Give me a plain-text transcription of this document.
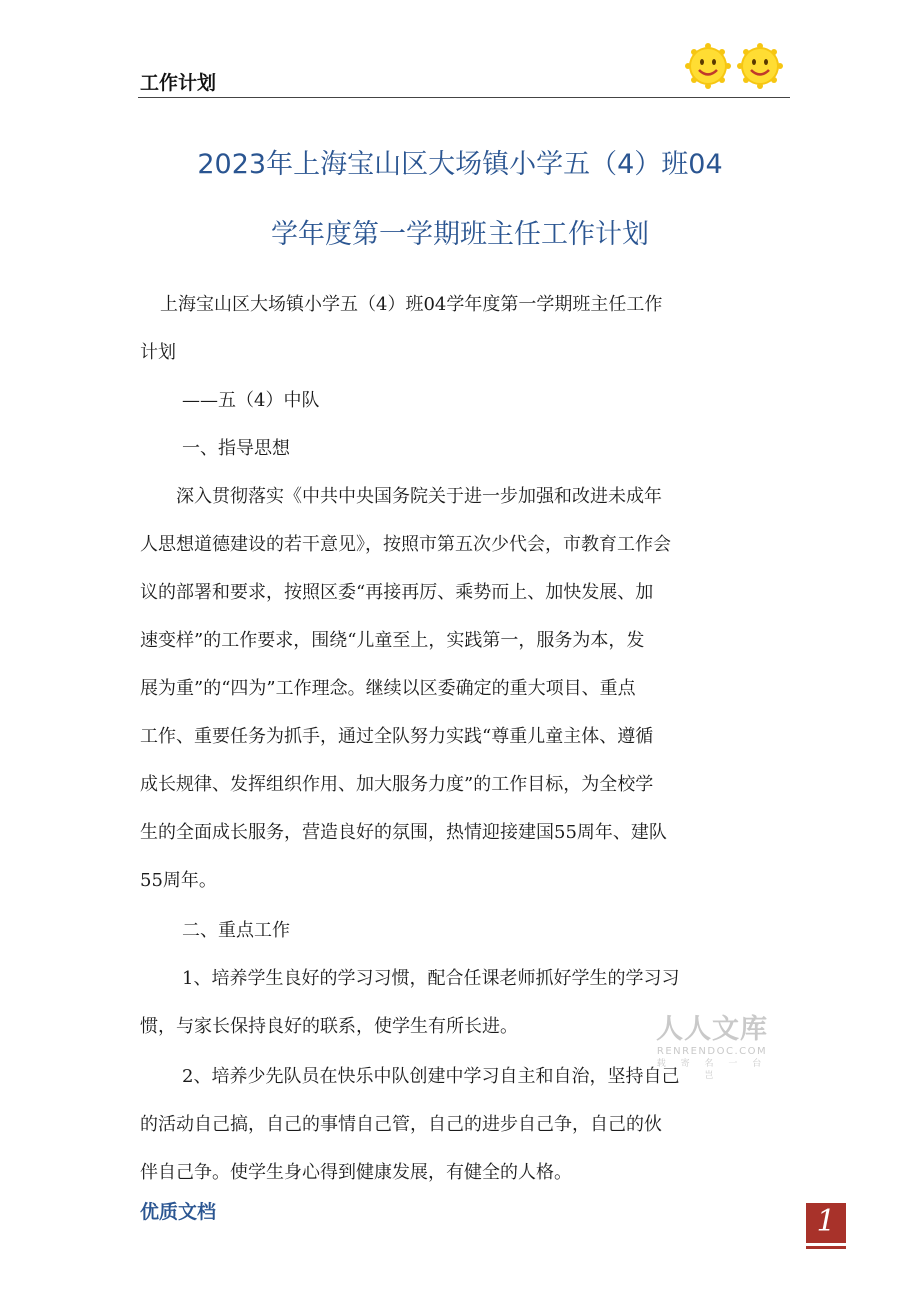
工作计划
2023年上海宝山区大场镇小学五（4）班04
学年度第一学期班主任工作计划
上海宝山区大场镇小学五（4）班04学年度第一学期班主任工作
计划
——五（4）中队
一、指导思想
深入贯彻落实《中共中央国务院关于进一步加强和改进未成年
人思想道德建设的若干意见》，按照市第五次少代会，市教育工作会
议的部署和要求，按照区委“再接再厉、乘势而上、加快发展、加
速变样”的工作要求，围绕“儿童至上，实践第一，服务为本，发
展为重”的“四为”工作理念。继续以区委确定的重大项目、重点
工作、重要任务为抓手，通过全队努力实践“尊重儿童主体、遵循
成长规律、发挥组织作用、加大服务力度”的工作目标，为全校学
生的全面成长服务，营造良好的氛围，热情迎接建国55周年、建队
55周年。
二、重点工作
1、培养学生良好的学习习惯，配合任课老师抓好学生的学习习
惯，与家长保持良好的联系，使学生有所长进。
2、培养少先队员在快乐中队创建中学习自主和自治，坚持自己
的活动自己搞，自己的事情自己管，自己的进步自己争，自己的伙
伴自己争。使学生身心得到健康发展，有健全的人格。
人人文库
RENRENDOC.COM
载 寄 名 一 台 岂
优质文档	1
